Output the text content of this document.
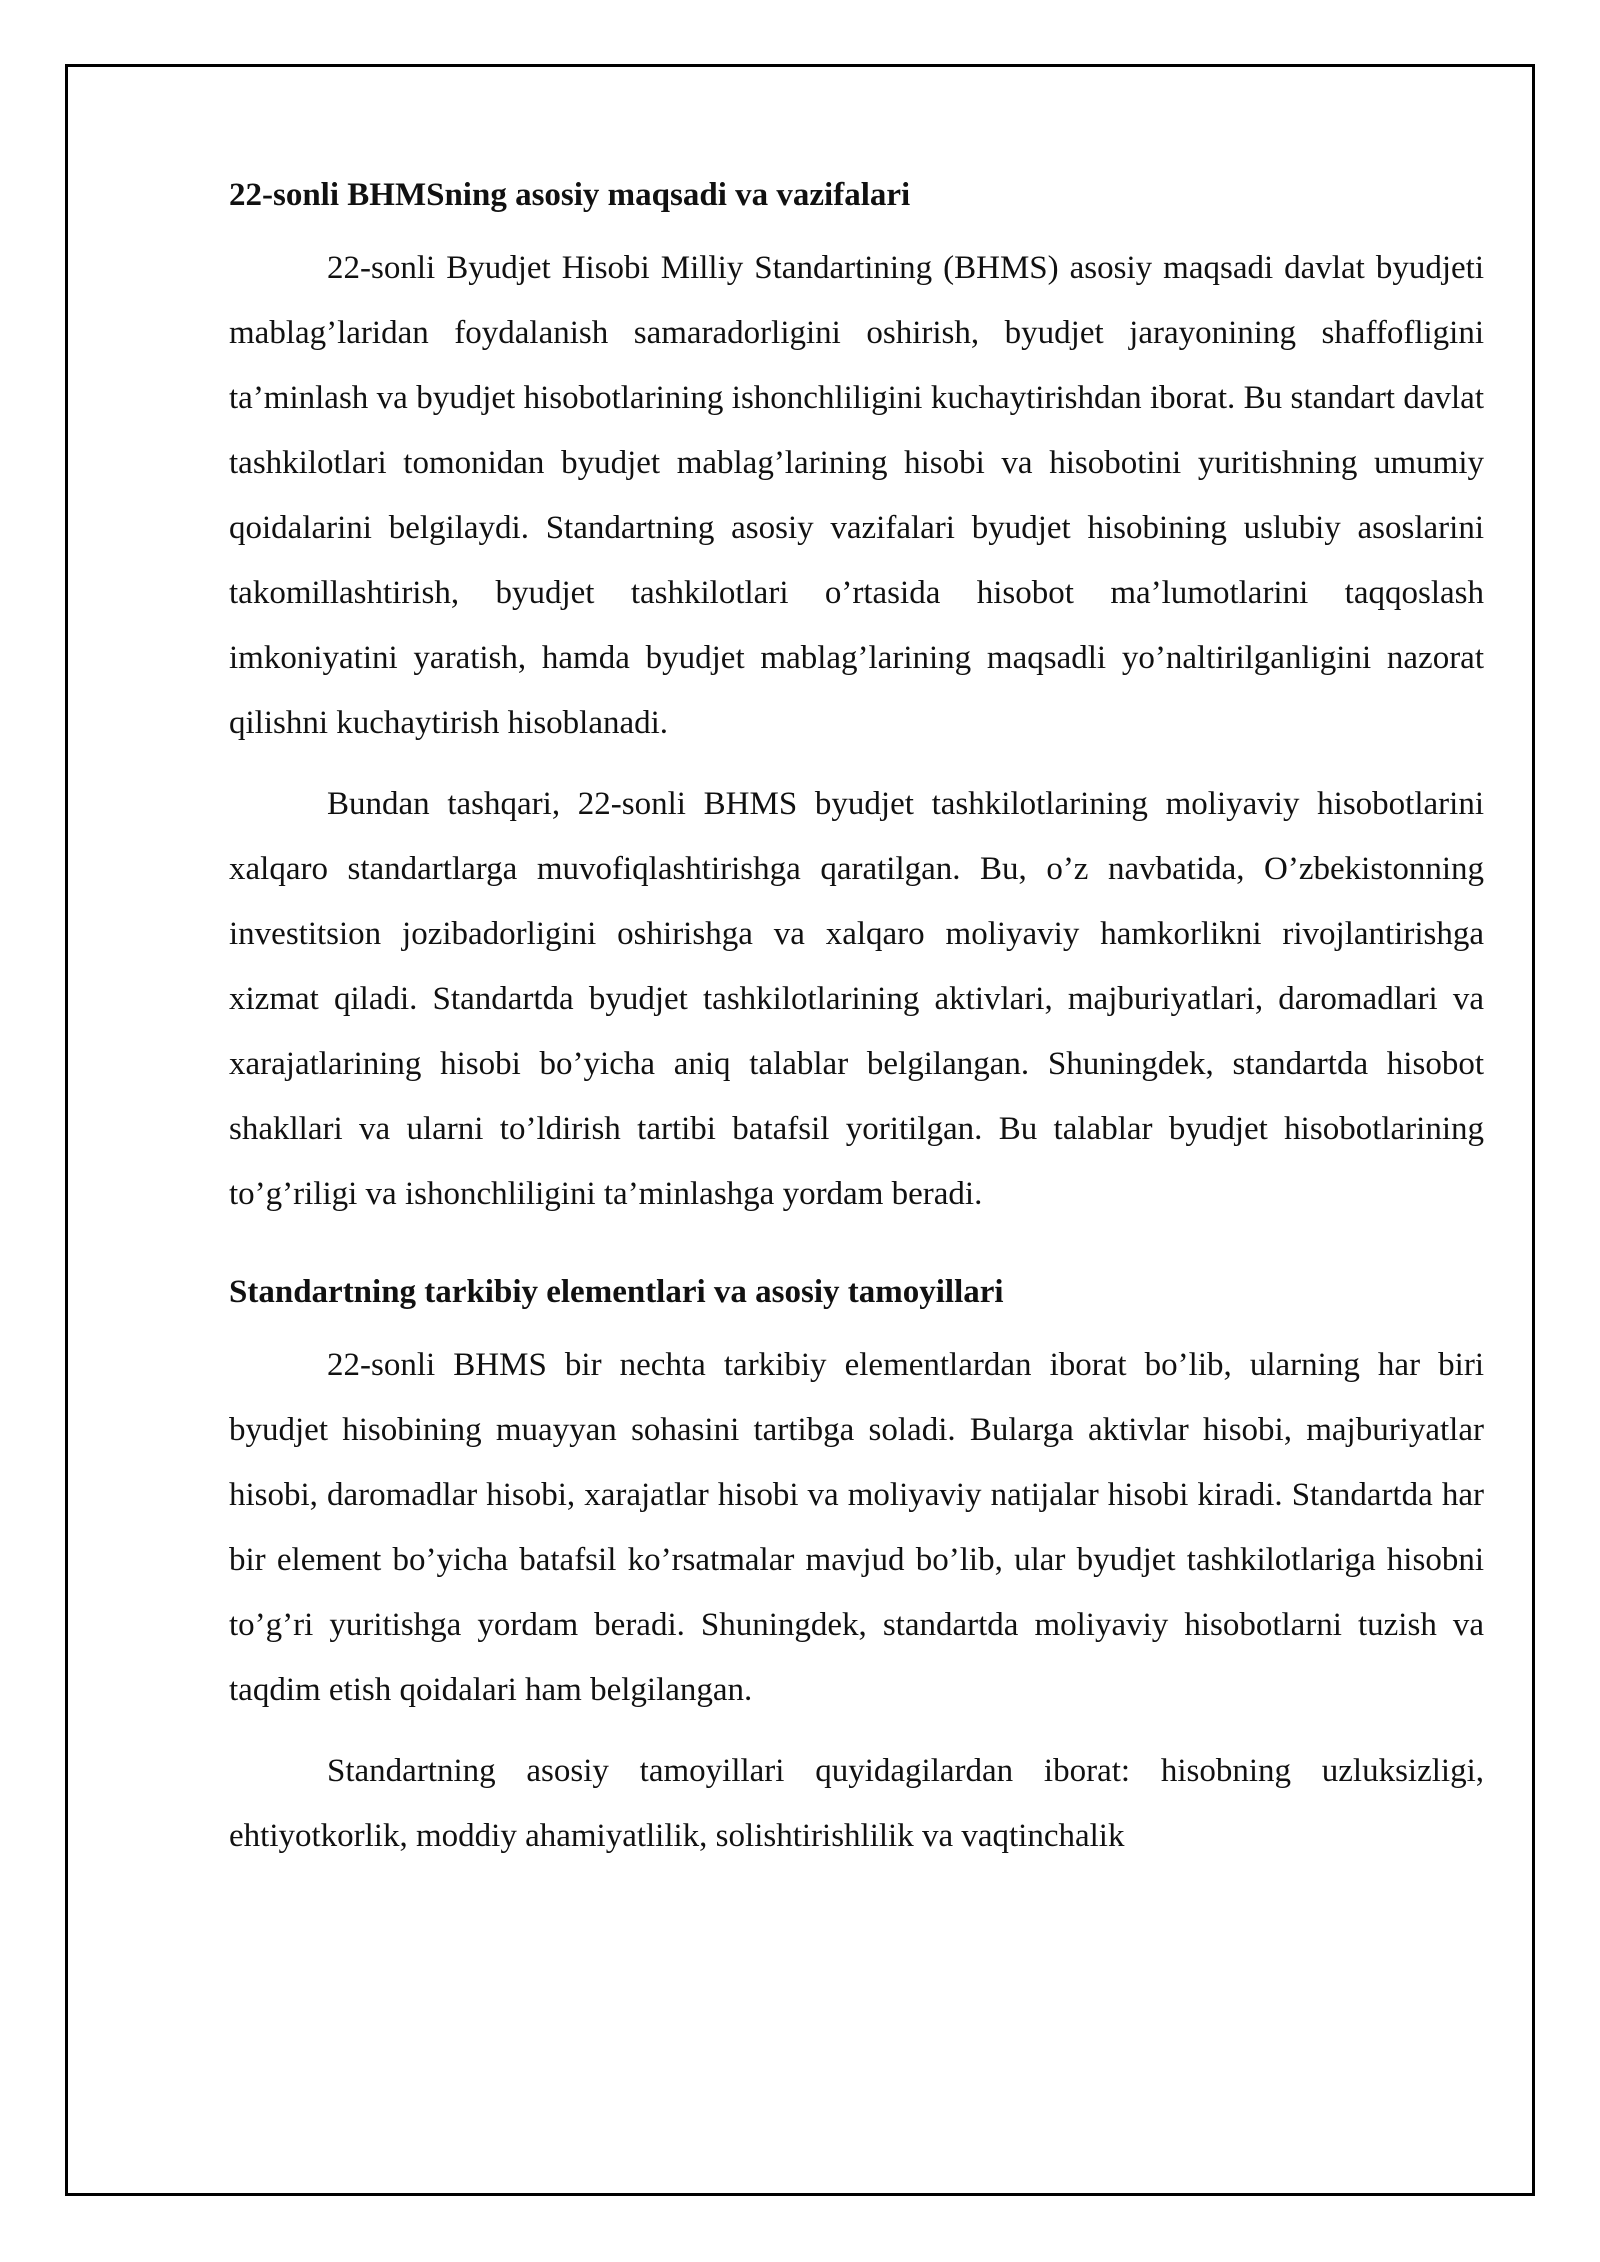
22-sonli BHMSning asosiy maqsadi va vazifalari

22-sonli Byudjet Hisobi Milliy Standartining (BHMS) asosiy maqsadi davlat byudjeti mablag’laridan foydalanish samaradorligini oshirish, byudjet jarayonining shaffofligini ta’minlash va byudjet hisobotlarining ishonchliligini kuchaytirishdan iborat. Bu standart davlat tashkilotlari tomonidan byudjet mablag’larining hisobi va hisobotini yuritishning umumiy qoidalarini belgilaydi. Standartning asosiy vazifalari byudjet hisobining uslubiy asoslarini takomillashtirish, byudjet tashkilotlari o’rtasida hisobot ma’lumotlarini taqqoslash imkoniyatini yaratish, hamda byudjet mablag’larining maqsadli yo’naltirilganligini nazorat qilishni kuchaytirish hisoblanadi.

Bundan tashqari, 22-sonli BHMS byudjet tashkilotlarining moliyaviy hisobotlarini xalqaro standartlarga muvofiqlashtirishga qaratilgan. Bu, o’z navbatida, O’zbekistonning investitsion jozibadorligini oshirishga va xalqaro moliyaviy hamkorlikni rivojlantirishga xizmat qiladi. Standartda byudjet tashkilotlarining aktivlari, majburiyatlari, daromadlari va xarajatlarining hisobi bo’yicha aniq talablar belgilangan. Shuningdek, standartda hisobot shakllari va ularni to’ldirish tartibi batafsil yoritilgan. Bu talablar byudjet hisobotlarining to’g’riligi va ishonchliligini ta’minlashga yordam beradi.

Standartning tarkibiy elementlari va asosiy tamoyillari

22-sonli BHMS bir nechta tarkibiy elementlardan iborat bo’lib, ularning har biri byudjet hisobining muayyan sohasini tartibga soladi. Bularga aktivlar hisobi, majburiyatlar hisobi, daromadlar hisobi, xarajatlar hisobi va moliyaviy natijalar hisobi kiradi. Standartda har bir element bo’yicha batafsil ko’rsatmalar mavjud bo’lib, ular byudjet tashkilotlariga hisobni to’g’ri yuritishga yordam beradi. Shuningdek, standartda moliyaviy hisobotlarni tuzish va taqdim etish qoidalari ham belgilangan.

Standartning asosiy tamoyillari quyidagilardan iborat: hisobning uzluksizligi, ehtiyotkorlik, moddiy ahamiyatlilik, solishtirishlilik va vaqtinchalik
